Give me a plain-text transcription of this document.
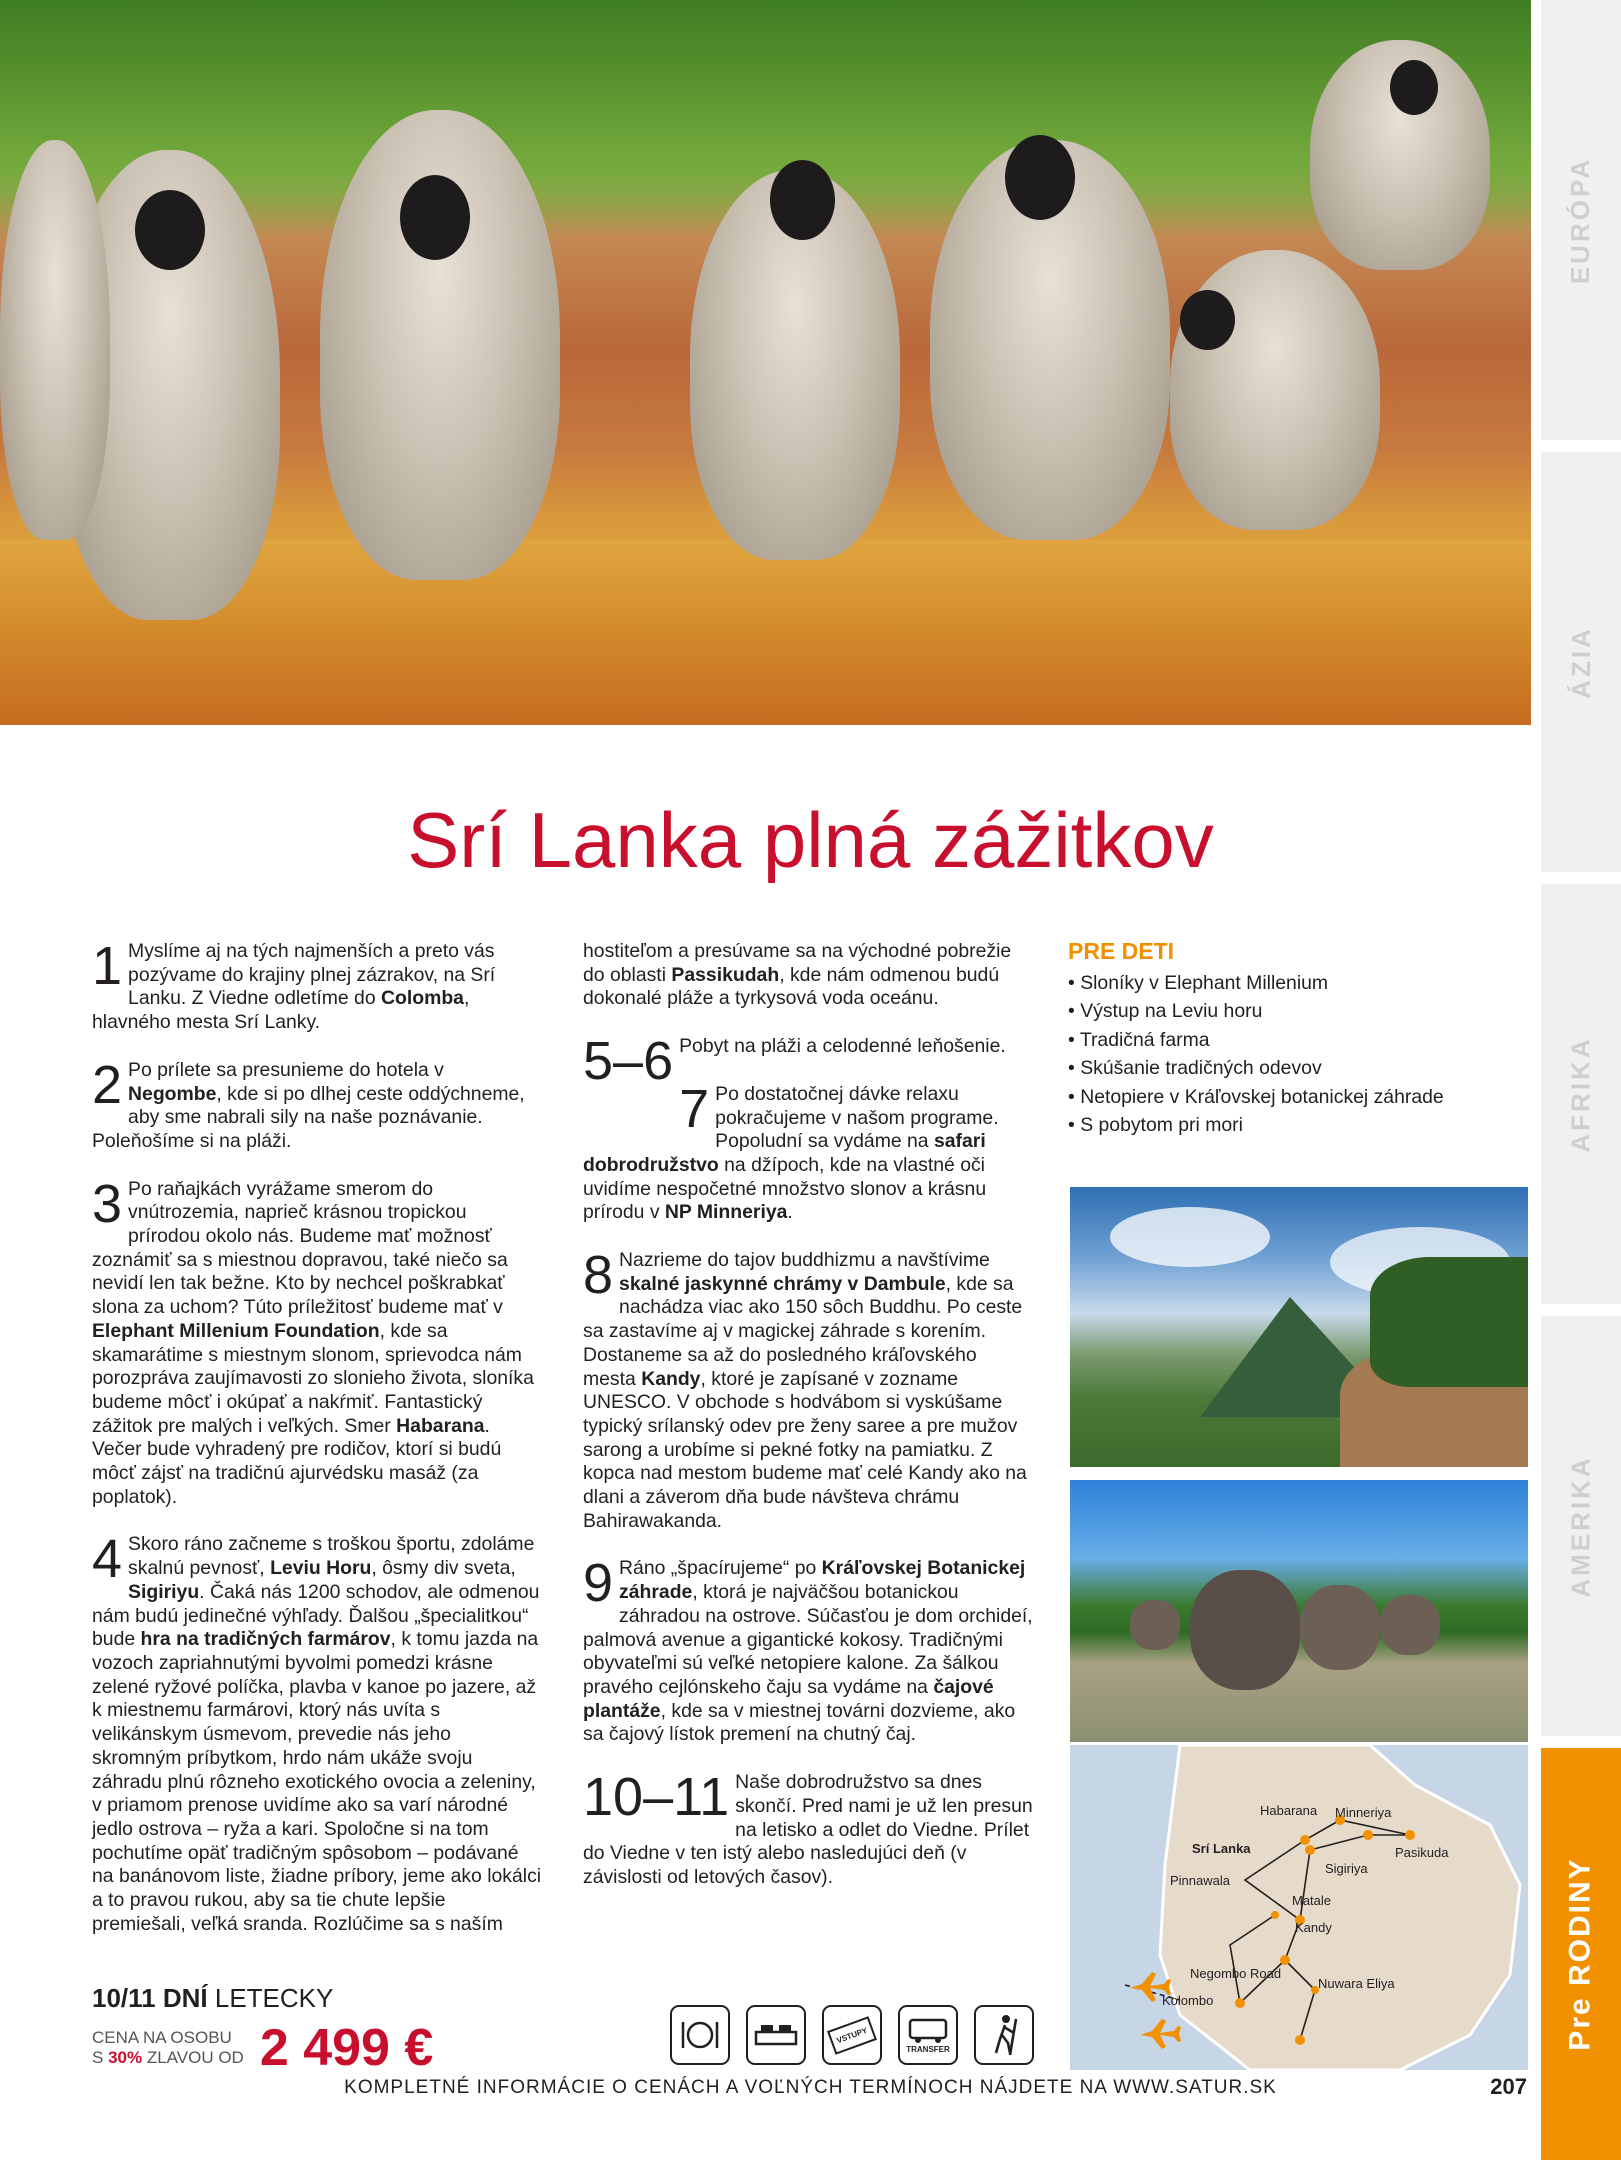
EURÓPA
ÁZIA
AFRIKA
AMERIKA
Pre RODINY
Srí Lanka plná zážitkov

1 Myslíme aj na tých najmenších a preto vás pozývame do krajiny plnej zázrakov, na Srí Lanku. Z Viedne odletíme do Colomba, hlavného mesta Srí Lanky.

2 Po prílete sa presunieme do hotela v Negombe, kde si po dlhej ceste oddýchneme, aby sme nabrali sily na naše poznávanie. Poleňošíme si na pláži.

3 Po raňajkách vyrážame smerom do vnútrozemia, naprieč krásnou tropickou prírodou okolo nás. Budeme mať možnosť zoznámiť sa s miestnou dopravou, také niečo sa nevidí len tak bežne. Kto by nechcel poškrabkať slona za uchom? Túto príležitosť budeme mať v Elephant Millenium Foundation, kde sa skamarátime s miestnym slonom, sprievodca nám porozpráva zaujímavosti zo slonieho života, sloníka budeme môcť i okúpať a nakŕmiť. Fantastický zážitok pre malých i veľkých. Smer Habarana. Večer bude vyhradený pre rodičov, ktorí si budú môcť zájsť na tradičnú ajurvédsku masáž (za poplatok).

4 Skoro ráno začneme s troškou športu, zdoláme skalnú pevnosť, Leviu Horu, ôsmy div sveta, Sigiriyu. Čaká nás 1200 schodov, ale odmenou nám budú jedinečné výhľady. Ďalšou „špecialitkou“ bude hra na tradičných farmárov, k tomu jazda na vozoch zapriahnutými byvolmi pomedzi krásne zelené ryžové políčka, plavba v kanoe po jazere, až k miestnemu farmárovi, ktorý nás uvíta s velikánskym úsmevom, prevedie nás jeho skromným príbytkom, hrdo nám ukáže svoju záhradu plnú rôzneho exotického ovocia a zeleniny, v priamom prenose uvidíme ako sa varí národné jedlo ostrova – ryža a kari. Spoločne si na tom pochutíme opäť tradičným spôsobom – podávané na banánovom liste, žiadne príbory, jeme ako lokálci a to pravou rukou, aby sa tie chute lepšie premiešali, veľká sranda. Rozlúčime sa s naším

hostiteľom a presúvame sa na východné pobrežie do oblasti Passikudah, kde nám odmenou budú dokonalé pláže a tyrkysová voda oceánu.

5–6 Pobyt na pláži a celodenné leňošenie.

7 Po dostatočnej dávke relaxu pokračujeme v našom programe. Popoludní sa vydáme na safari dobrodružstvo na džípoch, kde na vlastné oči uvidíme nespočetné množstvo slonov a krásnu prírodu v NP Minneriya.

8 Nazrieme do tajov buddhizmu a navštívime skalné jaskynné chrámy v Dambule, kde sa nachádza viac ako 150 sôch Buddhu. Po ceste sa zastavíme aj v magickej záhrade s korením. Dostaneme sa až do posledného kráľovského mesta Kandy, ktoré je zapísané v zozname UNESCO. V obchode s hodvábom si vyskúšame typický srílanský odev pre ženy saree a pre mužov sarong a urobíme si pekné fotky na pamiatku. Z kopca nad mestom budeme mať celé Kandy ako na dlani a záverom dňa bude návšteva chrámu Bahirawakanda.

9 Ráno „špacírujeme“ po Kráľovskej Botanickej záhrade, ktorá je najväčšou botanickou záhradou na ostrove. Súčasťou je dom orchideí, palmová avenue a gigantické kokosy. Tradičnými obyvateľmi sú veľké netopiere kalone. Za šálkou pravého cejlónskeho čaju sa vydáme na čajové plantáže, kde sa v miestnej továrni dozvieme, ako sa čajový lístok premení na chutný čaj.

10–11 Naše dobrodružstvo sa dnes skončí. Pred nami je už len presun na letisko a odlet do Viedne. Prílet do Viedne v ten istý alebo nasledujúci deň (v závislosti od letových časov).

PRE DETI
• Sloníky v Elephant Millenium
• Výstup na Leviu horu
• Tradičná farma
• Skúšanie tradičných odevov
• Netopiere v Kráľovskej botanickej záhrade
• S pobytom pri mori
Habarana Minneriya
Pasikuda
Sigiriya
Pinnawala
Matale
Kandy
Negombo Road
Nuwara Eliya
Kolombo
Srí Lanka
10/11 DNÍ LETECKY
CENA NA OSOBU
S 30% ZLAVOU OD 2 499 €	VSTUPY
TRANSFER
KOMPLETNÉ INFORMÁCIE O CENÁCH A VOĽNÝCH TERMÍNOCH NÁJDETE NA WWW.SATUR.SK	207
